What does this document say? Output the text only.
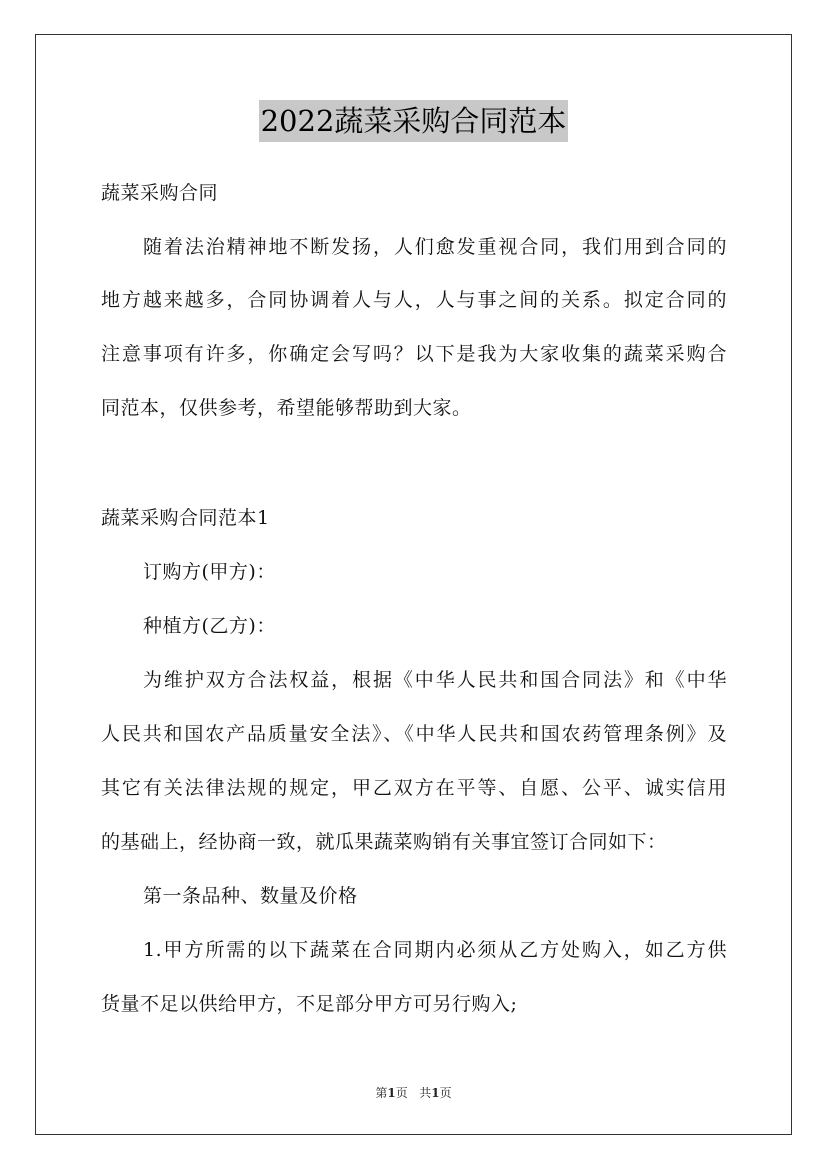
2022蔬菜采购合同范本
蔬菜采购合同
随着法治精神地不断发扬，人们愈发重视合同，我们用到合同的
地方越来越多，合同协调着人与人，人与事之间的关系。拟定合同的
注意事项有许多，你确定会写吗？以下是我为大家收集的蔬菜采购合
同范本，仅供参考，希望能够帮助到大家。
蔬菜采购合同范本1
订购方(甲方)：
种植方(乙方)：
为维护双方合法权益，根据《中华人民共和国合同法》和《中华
人民共和国农产品质量安全法》、《中华人民共和国农药管理条例》及
其它有关法律法规的规定，甲乙双方在平等、自愿、公平、诚实信用
的基础上，经协商一致，就瓜果蔬菜购销有关事宜签订合同如下：
第一条品种、数量及价格
1.甲方所需的以下蔬菜在合同期内必须从乙方处购入，如乙方供
货量不足以供给甲方，不足部分甲方可另行购入;
第1页   共1页
